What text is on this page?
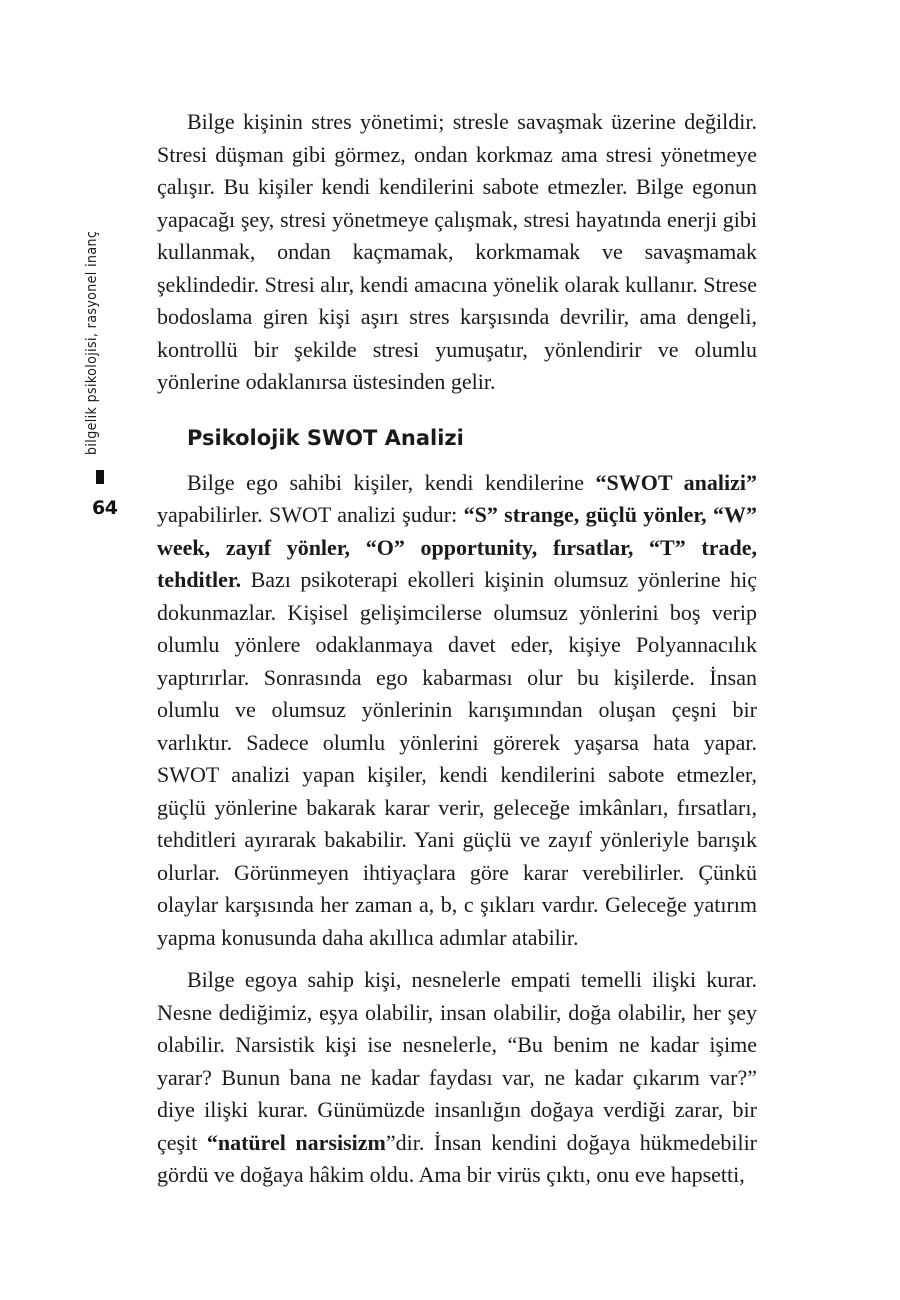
bilgelik psikolojisi, rasyonel inanç
64

Bilge kişinin stres yönetimi; stresle savaşmak üzerine değildir. Stresi düşman gibi görmez, ondan korkmaz ama stresi yönetmeye çalışır. Bu kişiler kendi kendilerini sabote etmezler. Bilge egonun yapacağı şey, stresi yönetmeye çalışmak, stresi hayatında enerji gibi kullanmak, ondan kaçmamak, korkmamak ve savaşmamak şeklindedir. Stresi alır, kendi amacına yönelik olarak kullanır. Strese bodoslama giren kişi aşırı stres karşısında devrilir, ama dengeli, kontrollü bir şekilde stresi yumuşatır, yönlendirir ve olumlu yönlerine odaklanırsa üstesinden gelir.

Psikolojik SWOT Analizi

Bilge ego sahibi kişiler, kendi kendilerine “SWOT analizi” yapabilirler. SWOT analizi şudur: “S” strange, güçlü yönler, “W” week, zayıf yönler, “O” opportunity, fırsatlar, “T” trade, tehditler. Bazı psikoterapi ekolleri kişinin olumsuz yönlerine hiç dokunmazlar. Kişisel gelişimcilerse olumsuz yönlerini boş verip olumlu yönlere odaklanmaya davet eder, kişiye Polyannacılık yaptırırlar. Sonrasında ego kabarması olur bu kişilerde. İnsan olumlu ve olumsuz yönlerinin karışımından oluşan çeşni bir varlıktır. Sadece olumlu yönlerini görerek yaşarsa hata yapar. SWOT analizi yapan kişiler, kendi kendilerini sabote etmezler, güçlü yönlerine bakarak karar verir, geleceğe imkânları, fırsatları, tehditleri ayırarak bakabilir. Yani güçlü ve zayıf yönleriyle barışık olurlar. Görünmeyen ihtiyaçlara göre karar verebilirler. Çünkü olaylar karşısında her zaman a, b, c şıkları vardır. Geleceğe yatırım yapma konusunda daha akıllıca adımlar atabilir.

Bilge egoya sahip kişi, nesnelerle empati temelli ilişki kurar. Nesne dediğimiz, eşya olabilir, insan olabilir, doğa olabilir, her şey olabilir. Narsistik kişi ise nesnelerle, “Bu benim ne kadar işime yarar? Bunun bana ne kadar faydası var, ne kadar çıkarım var?” diye ilişki kurar. Günümüzde insanlığın doğaya verdiği zarar, bir çeşit “natürel narsisizm”dir. İnsan kendini doğaya hükmedebilir gördü ve doğaya hâkim oldu. Ama bir virüs çıktı, onu eve hapsetti,
